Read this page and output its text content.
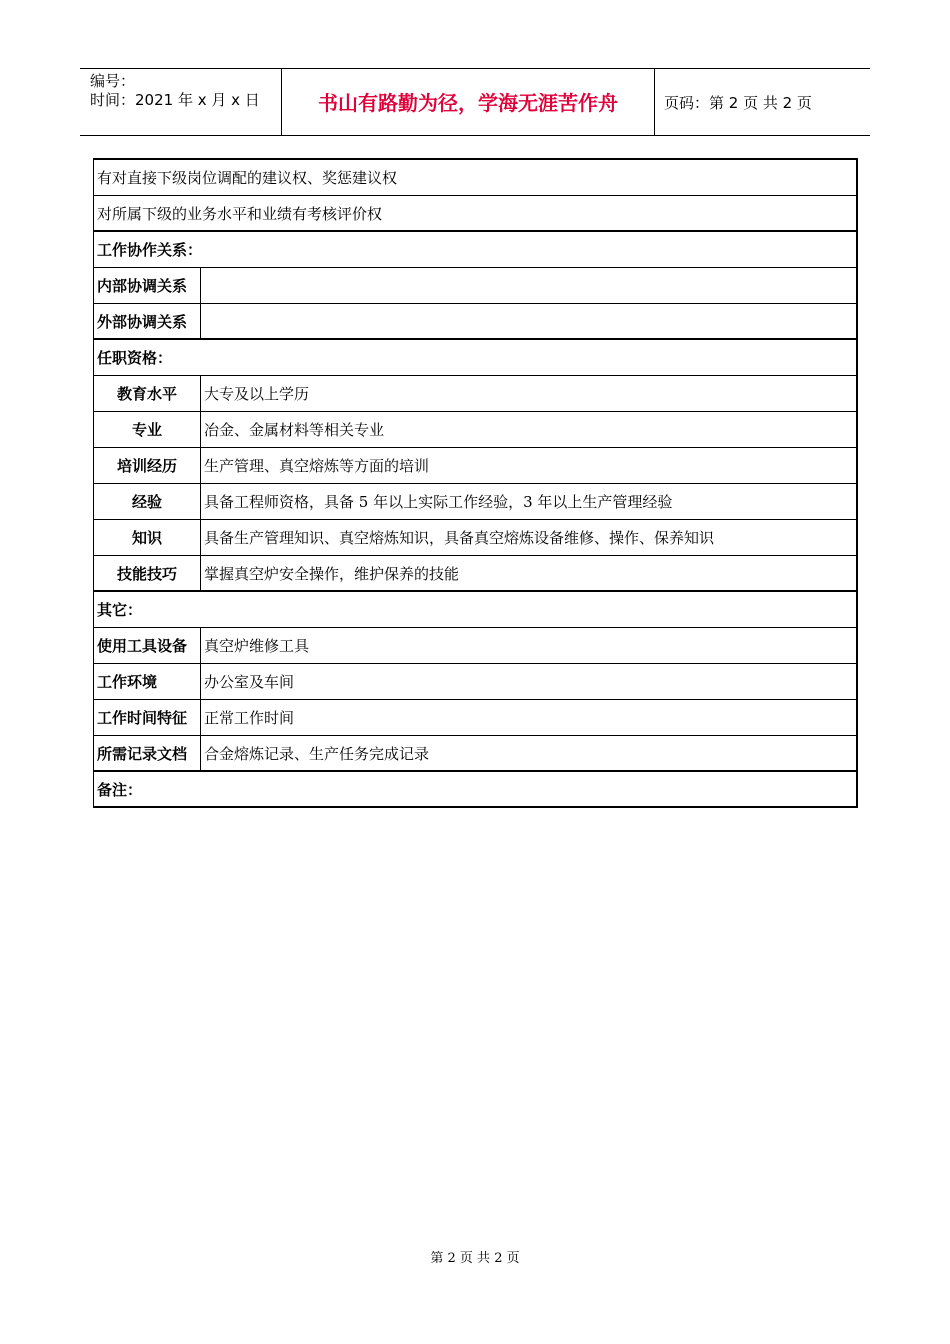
编号：
时间：2021 年 x 月 x 日	书山有路勤为径，学海无涯苦作舟	页码：第 2 页 共 2 页
有对直接下级岗位调配的建议权、奖惩建议权
对所属下级的业务水平和业绩有考核评价权
工作协作关系：
内部协调关系
外部协调关系
任职资格：
教育水平	大专及以上学历
专业	冶金、金属材料等相关专业
培训经历	生产管理、真空熔炼等方面的培训
经验	具备工程师资格，具备 5 年以上实际工作经验，3 年以上生产管理经验
知识	具备生产管理知识、真空熔炼知识，具备真空熔炼设备维修、操作、保养知识
技能技巧	掌握真空炉安全操作，维护保养的技能
其它：
使用工具设备	真空炉维修工具
工作环境	办公室及车间
工作时间特征	正常工作时间
所需记录文档	合金熔炼记录、生产任务完成记录
备注：
第 2 页 共 2 页
